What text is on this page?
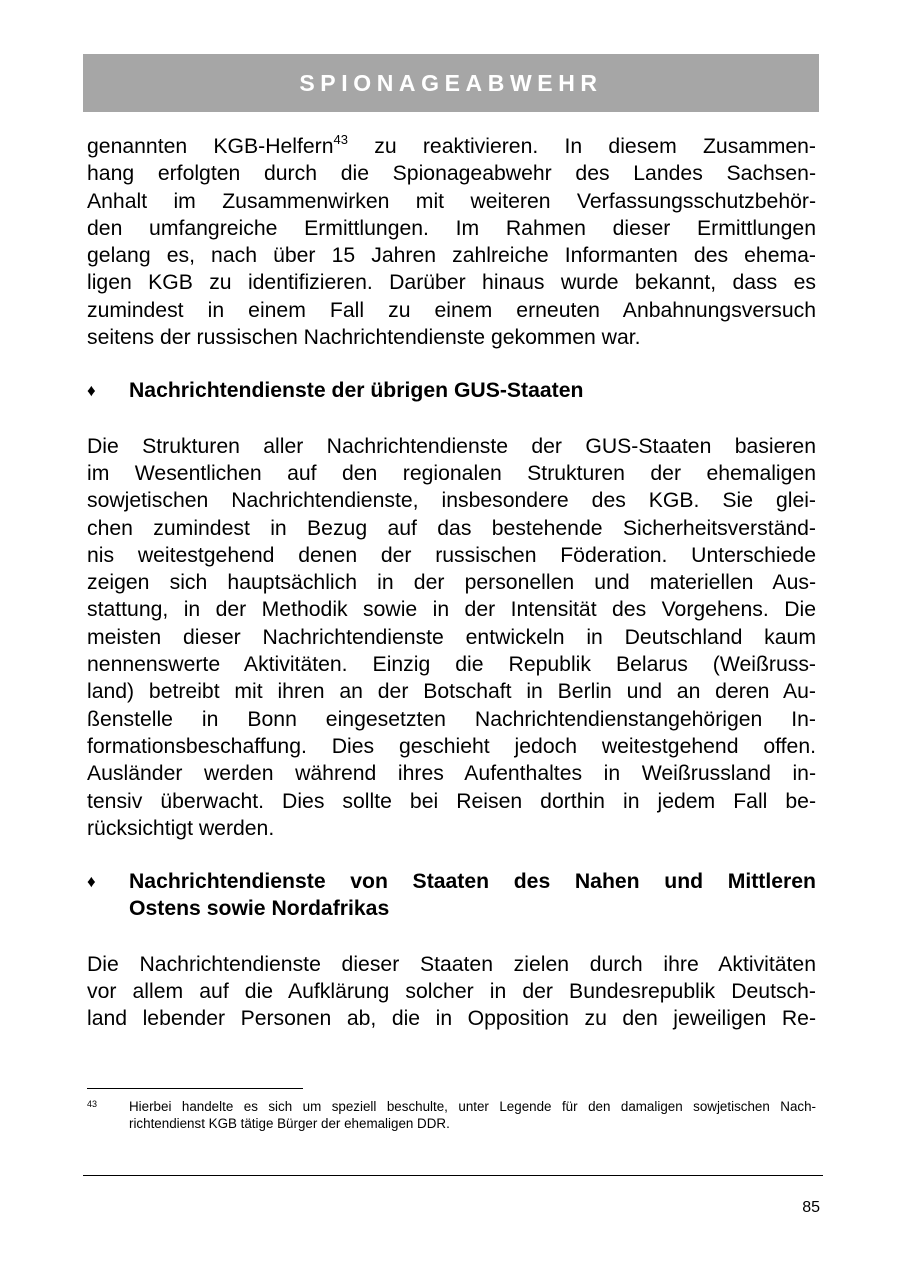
SPIONAGEABWEHR

genannten KGB-Helfern$^{43}$ zu reaktivieren. In diesem Zusammen-
hang erfolgten durch die Spionageabwehr des Landes Sachsen-
Anhalt im Zusammenwirken mit weiteren Verfassungsschutzbehör-
den umfangreiche Ermittlungen. Im Rahmen dieser Ermittlungen
gelang es, nach über 15 Jahren zahlreiche Informanten des ehema-
ligen KGB zu identifizieren. Darüber hinaus wurde bekannt, dass es
zumindest in einem Fall zu einem erneuten Anbahnungsversuch
seitens der russischen Nachrichtendienste gekommen war.

♦	Nachrichtendienste der übrigen GUS-Staaten

Die Strukturen aller Nachrichtendienste der GUS-Staaten basieren
im Wesentlichen auf den regionalen Strukturen der ehemaligen
sowjetischen Nachrichtendienste, insbesondere des KGB. Sie glei-
chen zumindest in Bezug auf das bestehende Sicherheitsverständ-
nis weitestgehend denen der russischen Föderation. Unterschiede
zeigen sich hauptsächlich in der personellen und materiellen Aus-
stattung, in der Methodik sowie in der Intensität des Vorgehens. Die
meisten dieser Nachrichtendienste entwickeln in Deutschland kaum
nennenswerte Aktivitäten. Einzig die Republik Belarus (Weißruss-
land) betreibt mit ihren an der Botschaft in Berlin und an deren Au-
ßenstelle in Bonn eingesetzten Nachrichtendienstangehörigen In-
formationsbeschaffung. Dies geschieht jedoch weitestgehend offen.
Ausländer werden während ihres Aufenthaltes in Weißrussland in-
tensiv überwacht. Dies sollte bei Reisen dorthin in jedem Fall be-
rücksichtigt werden.

♦	Nachrichtendienste von Staaten des Nahen und Mittleren
Ostens sowie Nordafrikas

Die Nachrichtendienste dieser Staaten zielen durch ihre Aktivitäten
vor allem auf die Aufklärung solcher in der Bundesrepublik Deutsch-
land lebender Personen ab, die in Opposition zu den jeweiligen Re-

43	Hierbei handelte es sich um speziell beschulte, unter Legende für den damaligen sowjetischen Nach-
richtendienst KGB tätige Bürger der ehemaligen DDR.
85
